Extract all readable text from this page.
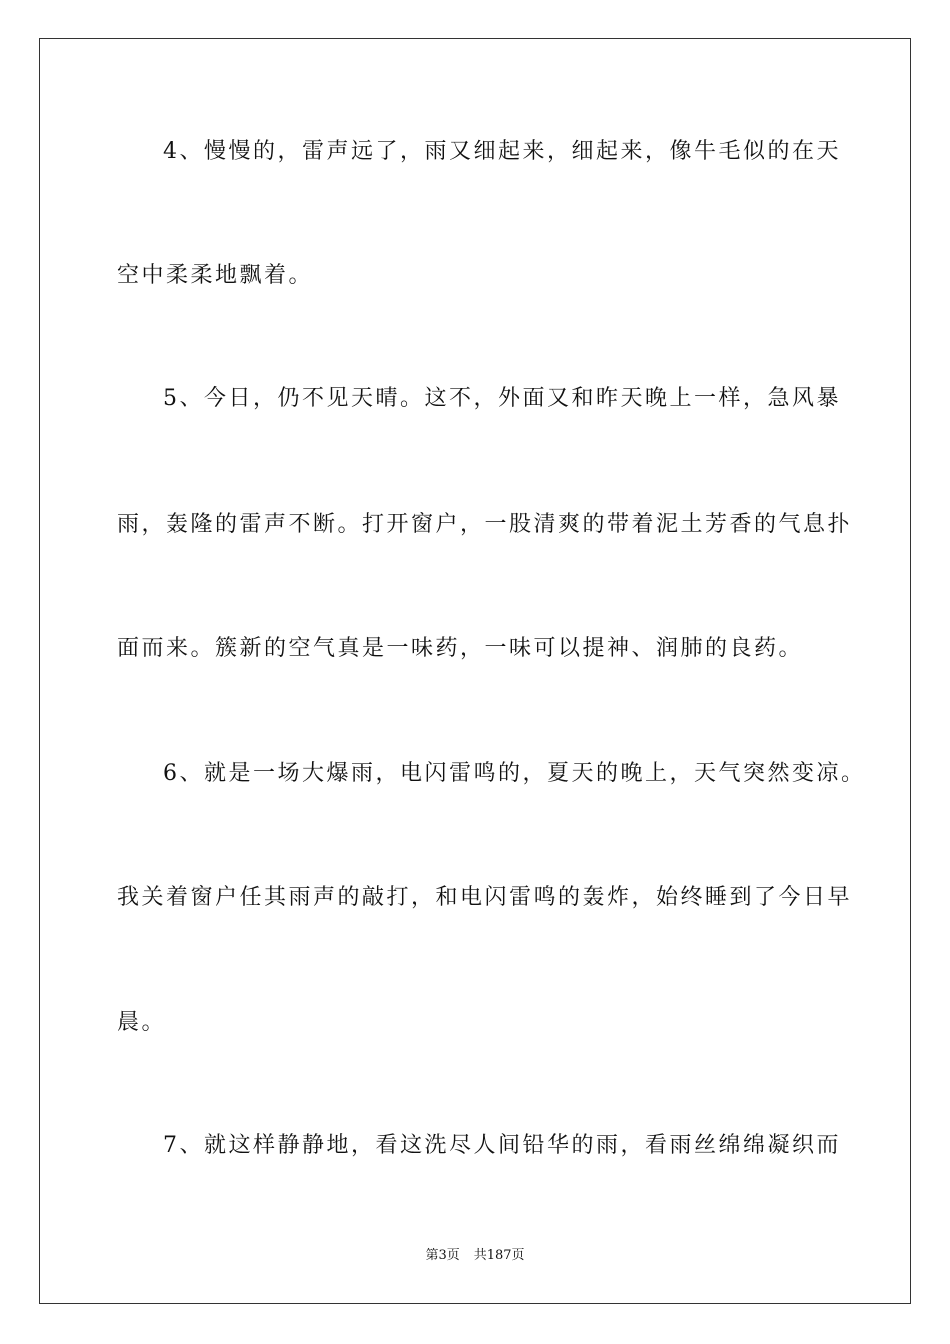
4、慢慢的，雷声远了，雨又细起来，细起来，像牛毛似的在天
空中柔柔地飘着。
5、今日，仍不见天晴。这不，外面又和昨天晚上一样，急风暴
雨，轰隆的雷声不断。打开窗户，一股清爽的带着泥土芳香的气息扑
面而来。簇新的空气真是一味药，一味可以提神、润肺的良药。
6、就是一场大爆雨，电闪雷鸣的，夏天的晚上，天气突然变凉。
我关着窗户任其雨声的敲打，和电闪雷鸣的轰炸，始终睡到了今日早
晨。
7、就这样静静地，看这洗尽人间铅华的雨，看雨丝绵绵凝织而
第3页 共187页
